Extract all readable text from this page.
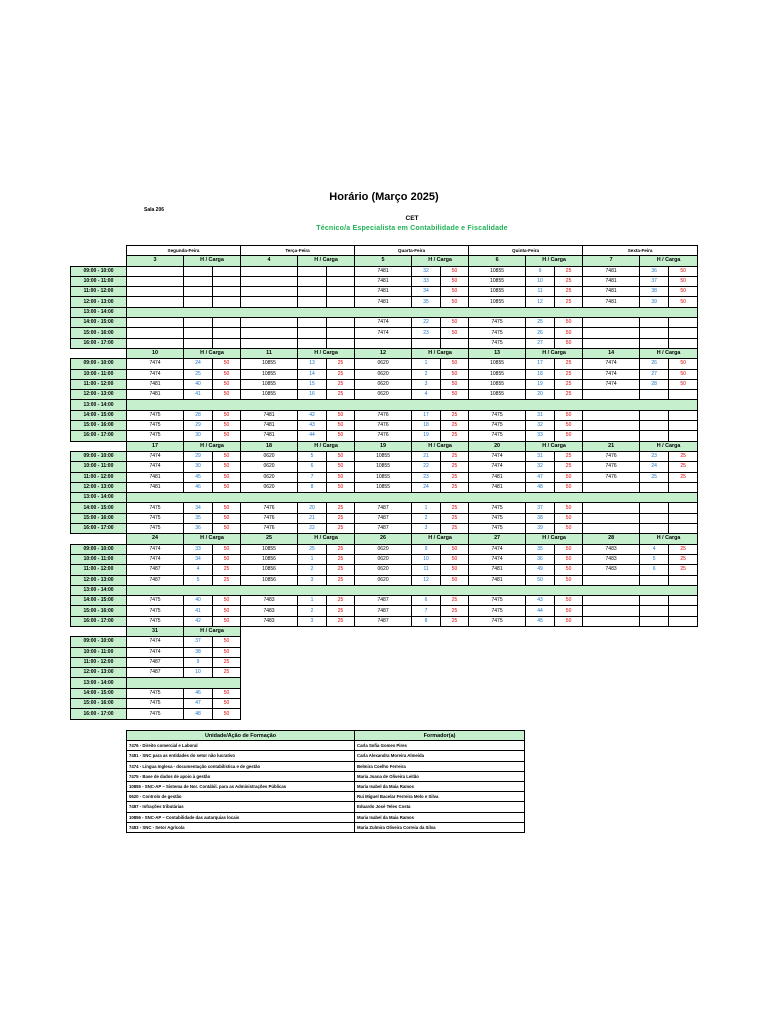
Horário (Março 2025)
Sala 206
CET
Técnico/a Especialista em Contabilidade e Fiscalidade
	Segunda-Feira			Terça-Feira			Quarta-Feira			Quinta-Feira			Sexta-Feira		
	3	H / Carga		4	H / Carga		5	H / Carga		6	H / Carga		7	H / Carga	
09:00 - 10:00							7481	32	50	10855	9	25	7481	36	50
10:00 - 11:00							7481	33	50	10855	10	25	7481	37	50
11:00 - 12:00							7481	34	50	10855	11	25	7481	38	50
12:00 - 13:00							7481	35	50	10855	12	25	7481	39	50
13:00 - 14:00															
14:00 - 15:00							7474	22	50	7475	25	50			
15:00 - 16:00							7474	23	50	7475	26	50			
16:00 - 17:00										7475	27	50			
	10	H / Carga		11	H / Carga		12	H / Carga		13	H / Carga		14	H / Carga	
09:00 - 10:00	7474	24	50	10855	13	25	0620	1	50	10855	17	25	7474	26	50
10:00 - 11:00	7474	25	50	10855	14	25	0620	2	50	10855	18	25	7474	27	50
11:00 - 12:00	7481	40	50	10855	15	25	0620	3	50	10855	19	25	7474	28	50
12:00 - 13:00	7481	41	50	10855	16	25	0620	4	50	10855	20	25			
13:00 - 14:00															
14:00 - 15:00	7475	28	50	7481	42	50	7476	17	25	7475	31	50			
15:00 - 16:00	7475	29	50	7481	43	50	7476	18	25	7475	32	50			
16:00 - 17:00	7475	30	50	7481	44	50	7476	19	25	7475	33	50			
	17	H / Carga		18	H / Carga		19	H / Carga		20	H / Carga		21	H / Carga	
09:00 - 10:00	7474	29	50	0620	5	50	10855	21	25	7474	31	25	7476	23	25
10:00 - 11:00	7474	30	50	0620	6	50	10855	22	25	7474	32	25	7476	24	25
11:00 - 12:00	7481	45	50	0620	7	50	10855	23	25	7481	47	50	7476	25	25
12:00 - 13:00	7481	46	50	0620	8	50	10855	24	25	7481	48	50			
13:00 - 14:00															
14:00 - 15:00	7475	34	50	7476	20	25	7487	1	25	7475	37	50			
15:00 - 16:00	7475	35	50	7476	21	25	7487	2	25	7475	38	50			
16:00 - 17:00	7475	36	50	7476	22	25	7487	3	25	7475	39	50			
	24	H / Carga		25	H / Carga		26	H / Carga		27	H / Carga		28	H / Carga	
09:00 - 10:00	7474	33	50	10855	25	25	0620	9	50	7474	35	50	7483	4	25
10:00 - 11:00	7474	34	50	10856	1	25	0620	10	50	7474	36	50	7483	5	25
11:00 - 12:00	7487	4	25	10856	2	25	0620	11	50	7481	49	50	7483	6	25
12:00 - 13:00	7487	5	25	10856	3	25	0620	12	50	7481	50	50			
13:00 - 14:00															
14:00 - 15:00	7475	40	50	7483	1	25	7487	6	25	7475	43	50			
15:00 - 16:00	7475	41	50	7483	2	25	7487	7	25	7475	44	50			
16:00 - 17:00	7475	42	50	7483	3	25	7487	8	25	7475	45	50			
	31	H / Carga													
09:00 - 10:00	7474	37	50												
10:00 - 11:00	7474	38	50												
11:00 - 12:00	7487	9	25												
12:00 - 13:00	7487	10	25												
13:00 - 14:00															
14:00 - 15:00	7475	46	50												
15:00 - 16:00	7475	47	50												
16:00 - 17:00	7475	48	50												
Unidade/Ação de Formação	Formador(a)
7476 - Direito comercial e Laboral	Carla Sofia Gomes Pires
7481 - SNC para as entidades do setor não lucrativo	Carla Alexandra Moreira Almeida
7474 - Língua Inglesa - documentação contabilística e de gestão	Belmira Coelho Ferreira
7475 - Base de dados de apoio à gestão	Maria Joana de Oliveira Leitão
10855 - SNC-AP – Sistema de Nor. Contábil. para as Administrações Públicas	Maria Isabel da Maia Ramos
0620 - Controlo de gestão	Rui Miguel Bacelar Ferreira Melo e Silva
7487 - Infrações tributárias	Eduardo José Teles Costa
10856 - SNC-AP – Contabilidade das autarquias locais	Maria Isabel da Maia Ramos
7483 - SNC - Setor Agrícola	Maria Zulmira Oliveira Correia da Silva
